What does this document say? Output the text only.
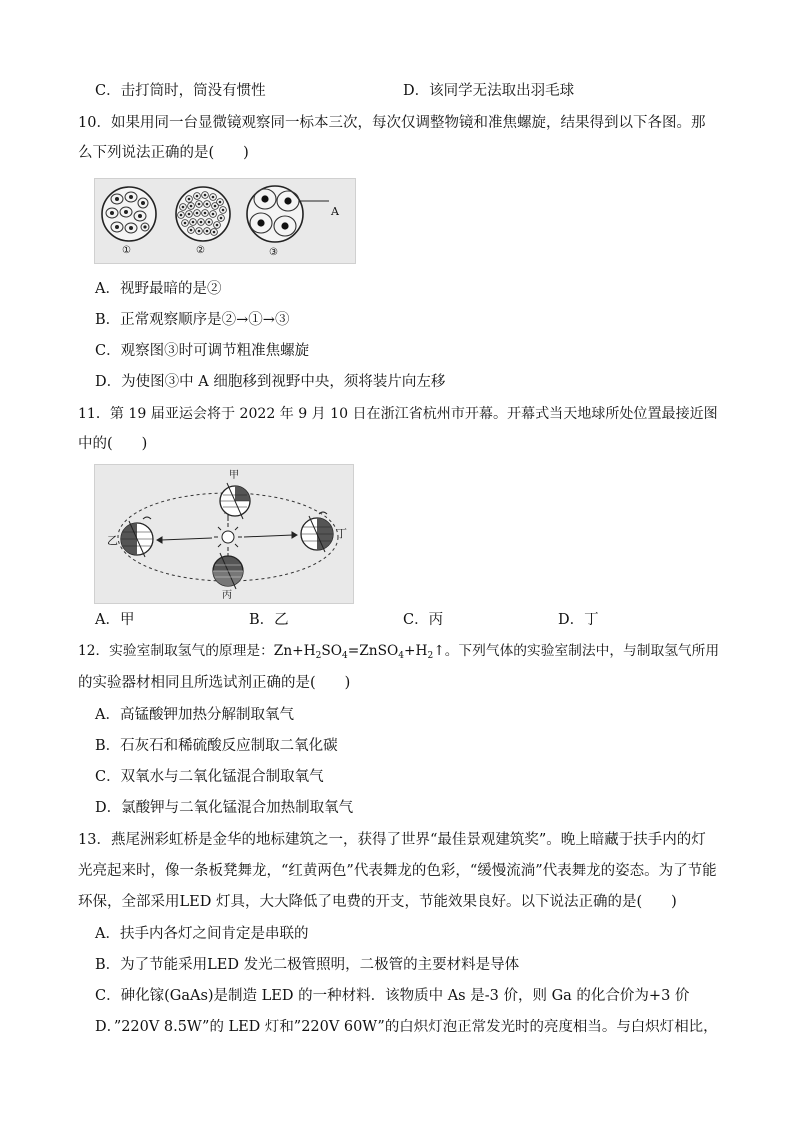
C．击打筒时，筒没有惯性	D．该同学无法取出羽毛球
10．如果用同一台显微镜观察同一标本三次，每次仅调整物镜和准焦螺旋，结果得到以下各图。那
么下列说法正确的是(　　)
A
①	②	③
A．视野最暗的是②
B．正常观察顺序是②→①→③
C．观察图③时可调节粗准焦螺旋
D．为使图③中 A 细胞移到视野中央，须将装片向左移
11．第 19 届亚运会将于 2022 年 9 月 10 日在浙江省杭州市开幕。开幕式当天地球所处位置最接近图
中的(　　)
甲
乙
丁
丙
A．甲	B．乙	C．丙	D．丁
12．实验室制取氢气的原理是：$Zn+H_2SO_4=ZnSO_4+H_2↑$。下列气体的实验室制法中，与制取氢气所用
的实验器材相同且所选试剂正确的是(　　)
A．高锰酸钾加热分解制取氧气
B．石灰石和稀硫酸反应制取二氧化碳
C．双氧水与二氧化锰混合制取氧气
D．氯酸钾与二氧化锰混合加热制取氧气
13．燕尾洲彩虹桥是金华的地标建筑之一，获得了世界“最佳景观建筑奖”。晚上暗藏于扶手内的灯
光亮起来时，像一条板凳舞龙，“红黄两色”代表舞龙的色彩，“缓慢流淌”代表舞龙的姿态。为了节能
环保，全部采用LED 灯具，大大降低了电费的开支，节能效果良好。以下说法正确的是(　　)
A．扶手内各灯之间肯定是串联的
B．为了节能采用LED 发光二极管照明，二极管的主要材料是导体
C．砷化镓(GaAs)是制造 LED 的一种材料．该物质中 As 是-3 价，则 Ga 的化合价为+3 价
D．”220V 8.5W”的 LED 灯和”220V 60W”的白炽灯泡正常发光时的亮度相当。与白炽灯相比，
